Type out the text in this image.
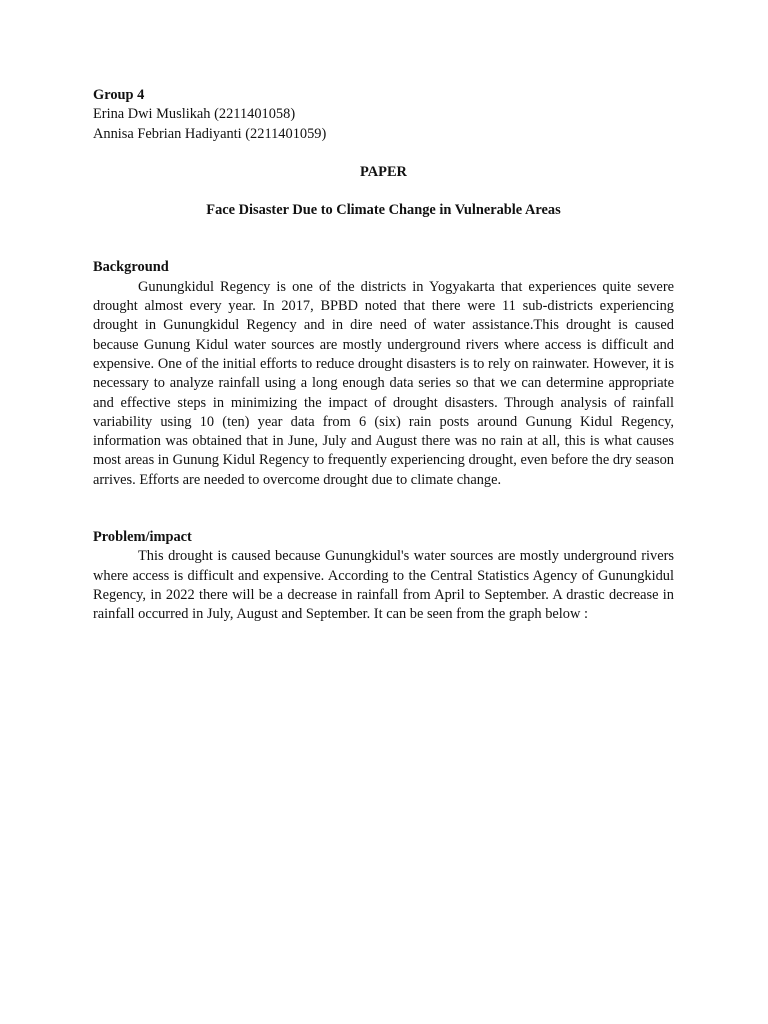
Group 4
Erina Dwi Muslikah (2211401058)
Annisa Febrian Hadiyanti (2211401059)
PAPER
Face Disaster Due to Climate Change in Vulnerable Areas
Background

Gunungkidul Regency is one of the districts in Yogyakarta that experiences quite severe drought almost every year. In 2017, BPBD noted that there were 11 sub-districts experiencing drought in Gunungkidul Regency and in dire need of water assistance.This drought is caused because Gunung Kidul water sources are mostly underground rivers where access is difficult and expensive. One of the initial efforts to reduce drought disasters is to rely on rainwater. However, it is necessary to analyze rainfall using a long enough data series so that we can determine appropriate and effective steps in minimizing the impact of drought disasters. Through analysis of rainfall variability using 10 (ten) year data from 6 (six) rain posts around Gunung Kidul Regency, information was obtained that in June, July and August there was no rain at all, this is what causes most areas in Gunung Kidul Regency to frequently experiencing drought, even before the dry season arrives. Efforts are needed to overcome drought due to climate change.

Problem/impact

This drought is caused because Gunungkidul's water sources are mostly underground rivers where access is difficult and expensive. According to the Central Statistics Agency of Gunungkidul Regency, in 2022 there will be a decrease in rainfall from April to September. A drastic decrease in rainfall occurred in July, August and September. It can be seen from the graph below :
